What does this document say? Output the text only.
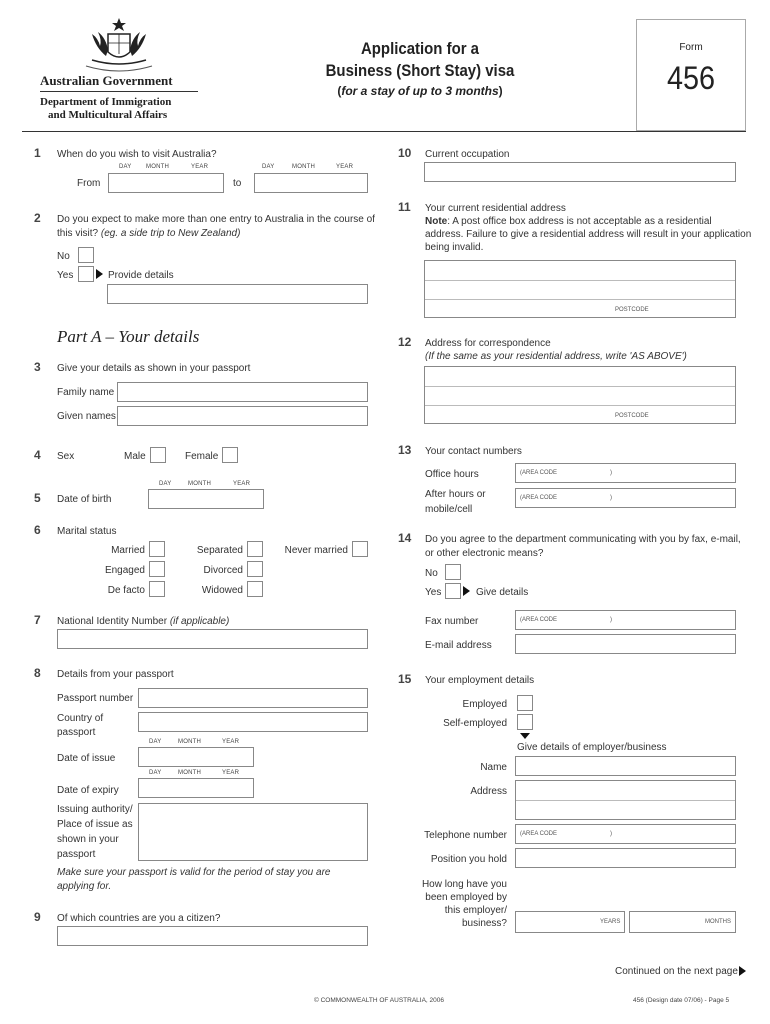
Australian Government
Department of Immigration
and Multicultural Affairs
Application for a
Business (Short Stay) visa
(for a stay of up to 3 months)
Form
456
1 When do you wish to visit Australia?
DAY MONTH	YEAR	DAY	MONTH	YEAR
From	to
2 Do you expect to make more than one entry to Australia in the course of
this visit? (eg. a side trip to New Zealand)
No
Yes	Provide details
Part A – Your details
3 Give your details as shown in your passport
Family name
Given names
4 Sex	Male	Female
DAY	MONTH	YEAR
5 Date of birth
6 Marital status
Married	Separated	Never married
Engaged	Divorced
De facto	Widowed
7 National Identity Number (if applicable)
8 Details from your passport
Passport number
Country of
passport
DAY	MONTH	YEAR
Date of issue
DAY	MONTH	YEAR
Date of expiry
Issuing authority/
Place of issue as
shown in your
passport
Make sure your passport is valid for the period of stay you are
applying for.
9 Of which countries are you a citizen?
10 Current occupation
11 Your current residential address
Note: A post office box address is not acceptable as a residential
address. Failure to give a residential address will result in your application
being invalid.
POSTCODE
12 Address for correspondence
(If the same as your residential address, write 'AS ABOVE')
POSTCODE
13 Your contact numbers
Office hours	(AREA CODE	)
After hours or
mobile/cell
(AREA CODE	)
14 Do you agree to the department communicating with you by fax, e-mail,
or other electronic means?
No
Yes	Give details
Fax number	(AREA CODE	)
E-mail address
15 Your employment details
Employed
Self-employed
Give details of employer/business
Name
Address
Telephone number (AREA CODE	)
Position you hold
How long have you
been employed by
this employer/
business?	YEARS	MONTHS
Continued on the next page
© COMMONWEALTH OF AUSTRALIA, 2006	456 (Design date 07/06) - Page 5
